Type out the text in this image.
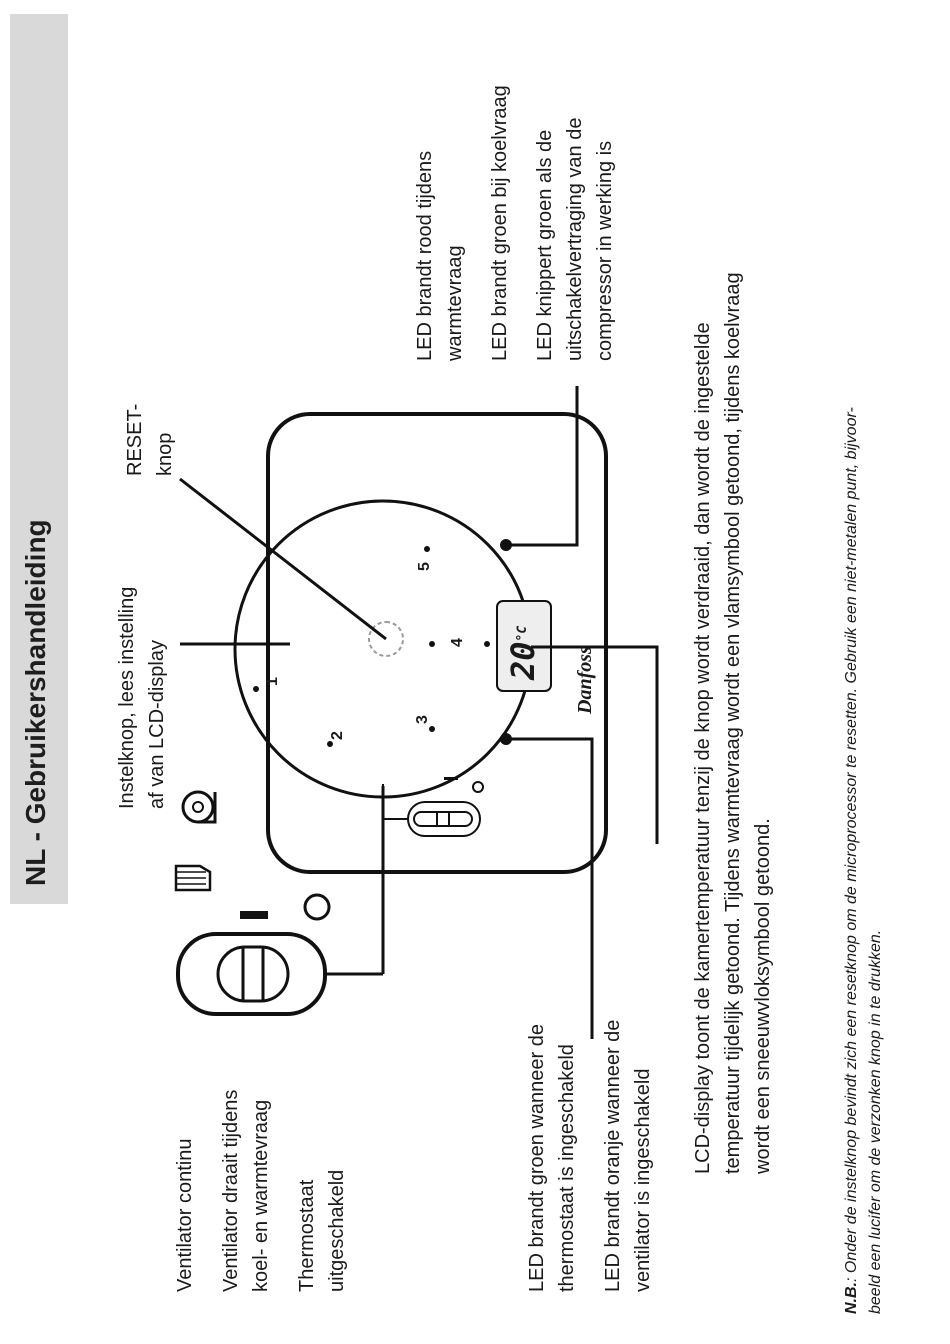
NL - Gebruikershandleiding	$20^{^\circ C}$
Danfoss
1
2
3
4
5
Ventilator continu Ventilator draait tijdens koel- en warmtevraag Thermostaat uitgeschakeld	LED brandt groen wanneer de thermostaat is ingeschakeld LED brandt oranje wanneer de ventilator is ingeschakeld
LCD-display toont de kamertemperatuur tenzij de knop wordt verdraaid, dan wordt de ingestelde temperatuur tijdelijk getoond. Tijdens warmtevraag wordt een vlamsymbool getoond, tijdens koelvraag wordt een sneeuwvloksymbool getoond.
Instelknop, lees instelling af van LCD-display
RESET- knop
LED brandt rood tijdens warmtevraag LED brandt groen bij koelvraag LED knippert groen als de uitschakelvertraging van de compressor in werking is
N.B.: Onder de instelknop bevindt zich een resetknop om de microprocessor te resetten. Gebruik een niet-metalen punt, bijvoor- beeld een lucifer om de verzonken knop in te drukken.
